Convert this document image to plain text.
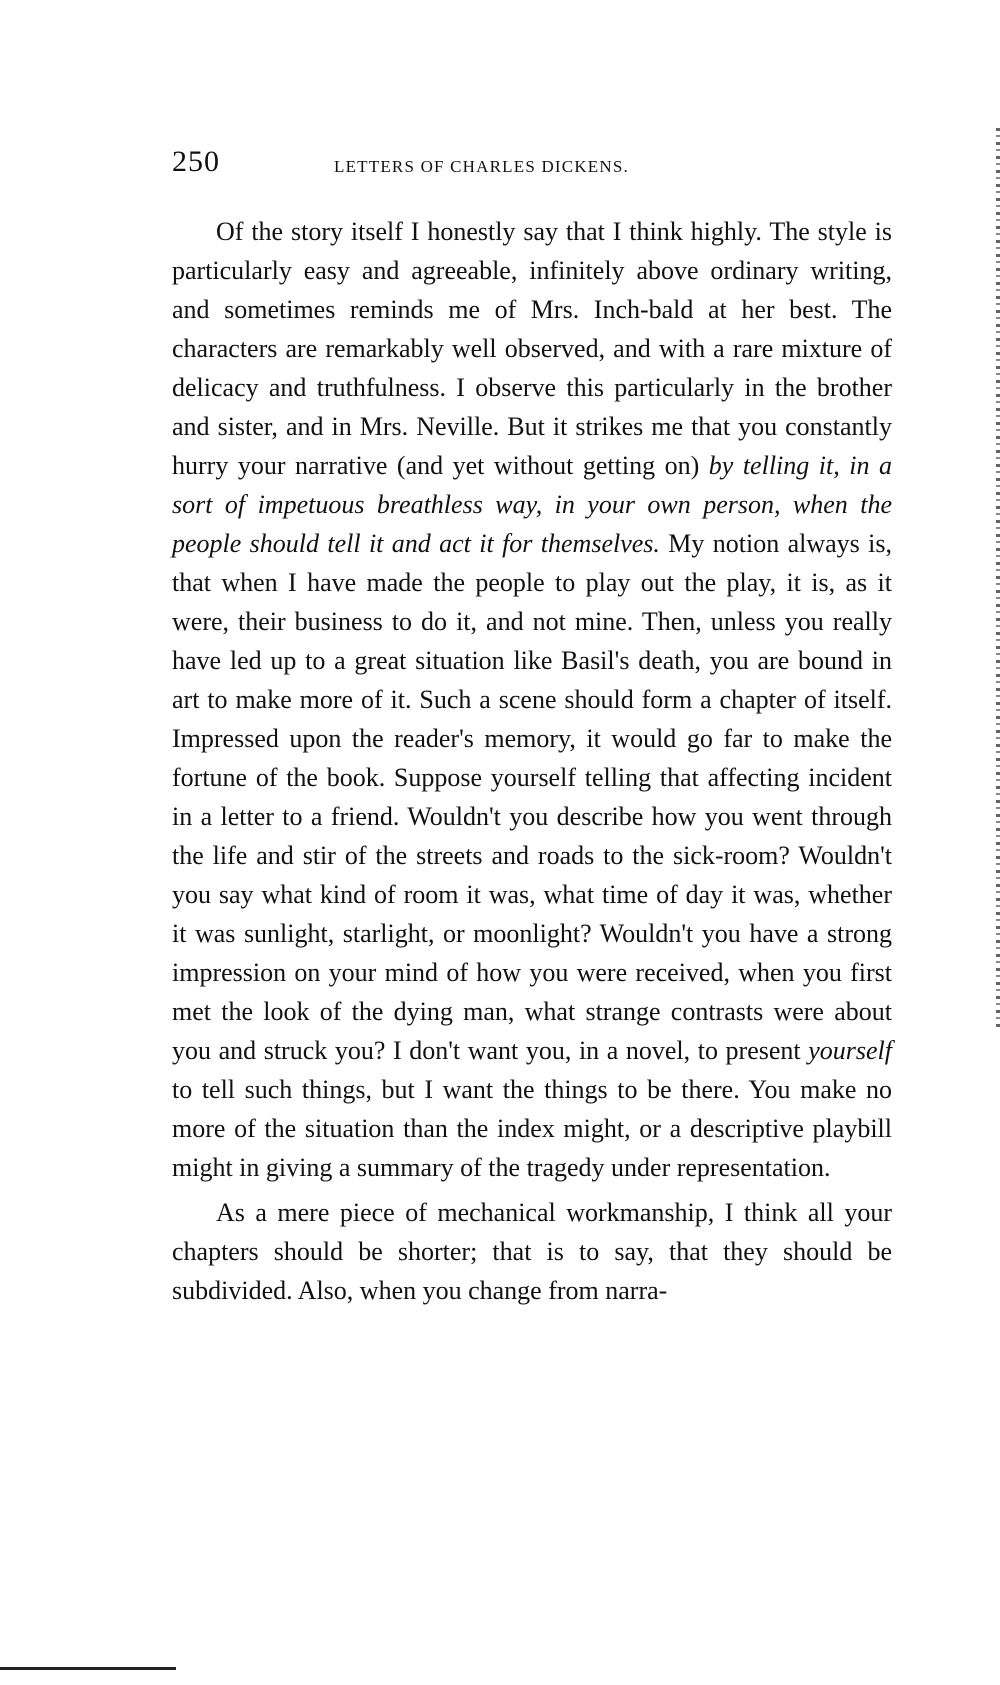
250	LETTERS OF CHARLES DICKENS.

Of the story itself I honestly say that I think highly. The style is particularly easy and agreeable, infinitely above ordinary writing, and sometimes reminds me of Mrs. Inch-bald at her best. The characters are remarkably well observed, and with a rare mixture of delicacy and truthfulness. I observe this particularly in the brother and sister, and in Mrs. Neville. But it strikes me that you constantly hurry your narrative (and yet without getting on) by telling it, in a sort of impetuous breathless way, in your own person, when the people should tell it and act it for themselves. My notion always is, that when I have made the people to play out the play, it is, as it were, their business to do it, and not mine. Then, unless you really have led up to a great situation like Basil's death, you are bound in art to make more of it. Such a scene should form a chapter of itself. Impressed upon the reader's memory, it would go far to make the fortune of the book. Suppose yourself telling that affecting incident in a letter to a friend. Wouldn't you describe how you went through the life and stir of the streets and roads to the sick-room? Wouldn't you say what kind of room it was, what time of day it was, whether it was sunlight, starlight, or moonlight? Wouldn't you have a strong impression on your mind of how you were received, when you first met the look of the dying man, what strange contrasts were about you and struck you? I don't want you, in a novel, to present yourself to tell such things, but I want the things to be there. You make no more of the situation than the index might, or a descriptive playbill might in giving a summary of the tragedy under representation.

As a mere piece of mechanical workmanship, I think all your chapters should be shorter; that is to say, that they should be subdivided. Also, when you change from narra-
